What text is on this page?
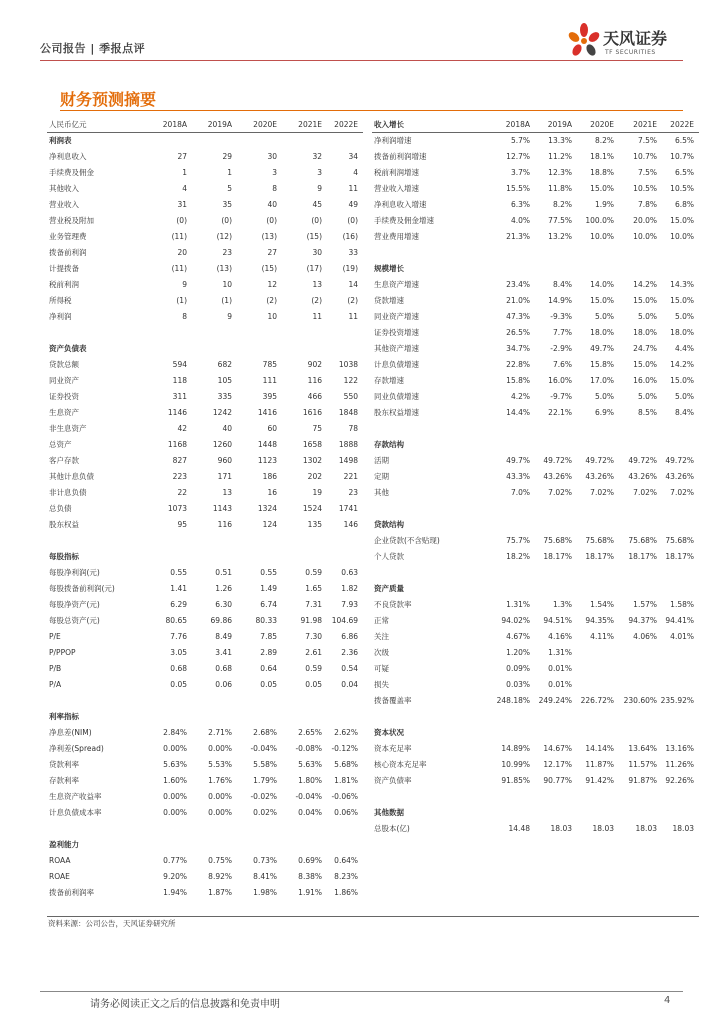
公司报告 | 季报点评
天风证券
TF SECURITIES
财务预测摘要
人民币亿元	2018A	2019A	2020E	2021E	2022E
利润表
净利息收入	27	29	30	32	34
手续费及佣金	1	1	3	3	4
其他收入	4	5	8	9	11
营业收入	31	35	40	45	49
营业税及附加	(0)	(0)	(0)	(0)	(0)
业务管理费	(11)	(12)	(13)	(15)	(16)
拨备前利润	20	23	27	30	33
计提拨备	(11)	(13)	(15)	(17)	(19)
税前利润	9	10	12	13	14
所得税	(1)	(1)	(2)	(2)	(2)
净利润	8	9	10	11	11
资产负债表
贷款总额	594	682	785	902	1038
同业资产	118	105	111	116	122
证券投资	311	335	395	466	550
生息资产	1146	1242	1416	1616	1848
非生息资产	42	40	60	75	78
总资产	1168	1260	1448	1658	1888
客户存款	827	960	1123	1302	1498
其他计息负债	223	171	186	202	221
非计息负债	22	13	16	19	23
总负债	1073	1143	1324	1524	1741
股东权益	95	116	124	135	146
每股指标
每股净利润(元)	0.55	0.51	0.55	0.59	0.63
每股拨备前利润(元)	1.41	1.26	1.49	1.65	1.82
每股净资产(元)	6.29	6.30	6.74	7.31	7.93
每股总资产(元)	80.65	69.86	80.33	91.98	104.69
P/E	7.76	8.49	7.85	7.30	6.86
P/PPOP	3.05	3.41	2.89	2.61	2.36
P/B	0.68	0.68	0.64	0.59	0.54
P/A	0.05	0.06	0.05	0.05	0.04
利率指标
净息差(NIM)	2.84%	2.71%	2.68%	2.65%	2.62%
净利差(Spread)	0.00%	0.00%	-0.04%	-0.08%	-0.12%
贷款利率	5.63%	5.53%	5.58%	5.63%	5.68%
存款利率	1.60%	1.76%	1.79%	1.80%	1.81%
生息资产收益率	0.00%	0.00%	-0.02%	-0.04%	-0.06%
计息负债成本率	0.00%	0.00%	0.02%	0.04%	0.06%
盈利能力
ROAA	0.77%	0.75%	0.73%	0.69%	0.64%
ROAE	9.20%	8.92%	8.41%	8.38%	8.23%
拨备前利润率	1.94%	1.87%	1.98%	1.91%	1.86%
收入增长	2018A	2019A	2020E	2021E	2022E
净利润增速	5.7%	13.3%	8.2%	7.5%	6.5%
拨备前利润增速	12.7%	11.2%	18.1%	10.7%	10.7%
税前利润增速	3.7%	12.3%	18.8%	7.5%	6.5%
营业收入增速	15.5%	11.8%	15.0%	10.5%	10.5%
净利息收入增速	6.3%	8.2%	1.9%	7.8%	6.8%
手续费及佣金增速	4.0%	77.5%	100.0%	20.0%	15.0%
营业费用增速	21.3%	13.2%	10.0%	10.0%	10.0%
规模增长
生息资产增速	23.4%	8.4%	14.0%	14.2%	14.3%
贷款增速	21.0%	14.9%	15.0%	15.0%	15.0%
同业资产增速	47.3%	-9.3%	5.0%	5.0%	5.0%
证券投资增速	26.5%	7.7%	18.0%	18.0%	18.0%
其他资产增速	34.7%	-2.9%	49.7%	24.7%	4.4%
计息负债增速	22.8%	7.6%	15.8%	15.0%	14.2%
存款增速	15.8%	16.0%	17.0%	16.0%	15.0%
同业负债增速	4.2%	-9.7%	5.0%	5.0%	5.0%
股东权益增速	14.4%	22.1%	6.9%	8.5%	8.4%
存款结构
活期	49.7%	49.72%	49.72%	49.72%	49.72%
定期	43.3%	43.26%	43.26%	43.26%	43.26%
其他	7.0%	7.02%	7.02%	7.02%	7.02%
贷款结构
企业贷款(不含贴现)	75.7%	75.68%	75.68%	75.68%	75.68%
个人贷款	18.2%	18.17%	18.17%	18.17%	18.17%
资产质量
不良贷款率	1.31%	1.3%	1.54%	1.57%	1.58%
正常	94.02%	94.51%	94.35%	94.37%	94.41%
关注	4.67%	4.16%	4.11%	4.06%	4.01%
次级	1.20%	1.31%
可疑	0.09%	0.01%
损失	0.03%	0.01%
拨备覆盖率	248.18%	249.24%	226.72%	230.60% 235.92%
资本状况
资本充足率	14.89%	14.67%	14.14%	13.64%	13.16%
核心资本充足率	10.99%	12.17%	11.87%	11.57%	11.26%
资产负债率	91.85%	90.77%	91.42%	91.87%	92.26%
其他数据
总股本(亿)	14.48	18.03	18.03	18.03	18.03
资料来源：公司公告，天风证券研究所
请务必阅读正文之后的信息披露和免责申明	4
